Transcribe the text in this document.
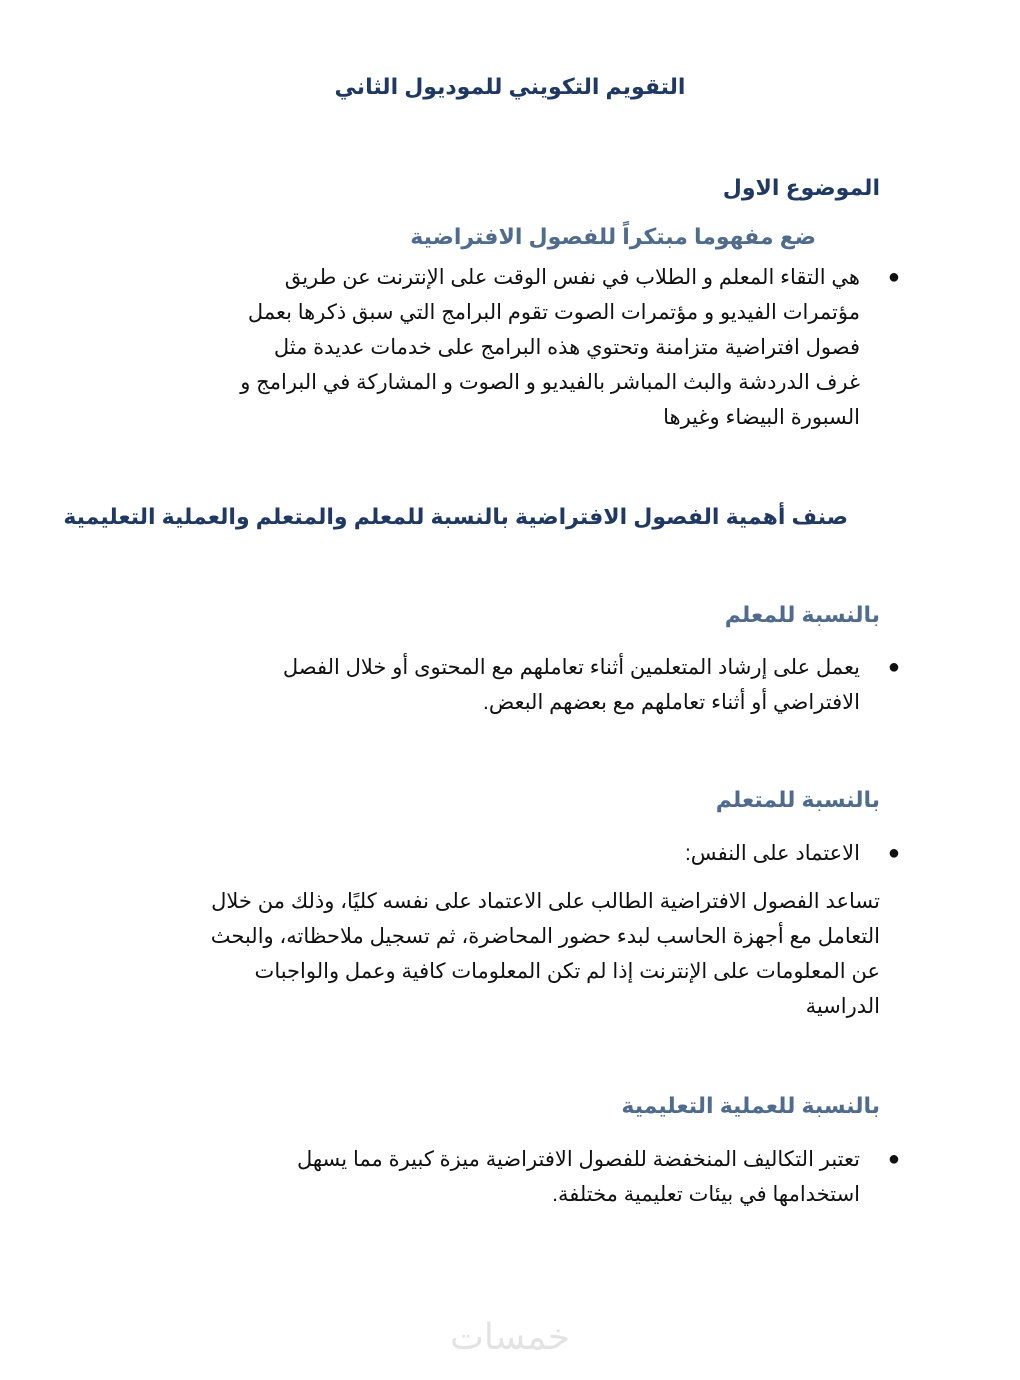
التقويم التكويني للموديول الثاني
الموضوع الاول
ضع مفهوما مبتكراً للفصول الافتراضية
●
هي التقاء المعلم و الطلاب في نفس الوقت على الإنترنت عن طريق
مؤتمرات الفيديو و مؤتمرات الصوت تقوم البرامج التي سبق ذكرها بعمل
فصول افتراضية متزامنة وتحتوي هذه البرامج على خدمات عديدة مثل
غرف الدردشة والبث المباشر بالفيديو و الصوت و المشاركة في البرامج و
السبورة البيضاء وغيرها
صنف أهمية الفصول الافتراضية بالنسبة للمعلم والمتعلم والعملية التعليمية
بالنسبة للمعلم
●
يعمل على إرشاد المتعلمين أثناء تعاملهم مع المحتوى أو خلال الفصل
الافتراضي أو أثناء تعاملهم مع بعضهم البعض.
بالنسبة للمتعلم
●
الاعتماد على النفس:
تساعد الفصول الافتراضية الطالب على الاعتماد على نفسه كليًا، وذلك من خلال
التعامل مع أجهزة الحاسب لبدء حضور المحاضرة، ثم تسجيل ملاحظاته، والبحث
عن المعلومات على الإنترنت إذا لم تكن المعلومات كافية وعمل والواجبات
الدراسية
بالنسبة للعملية التعليمية
●
تعتبر التكاليف المنخفضة للفصول الافتراضية ميزة كبيرة مما يسهل
استخدامها في بيئات تعليمية مختلفة.
خمسات
